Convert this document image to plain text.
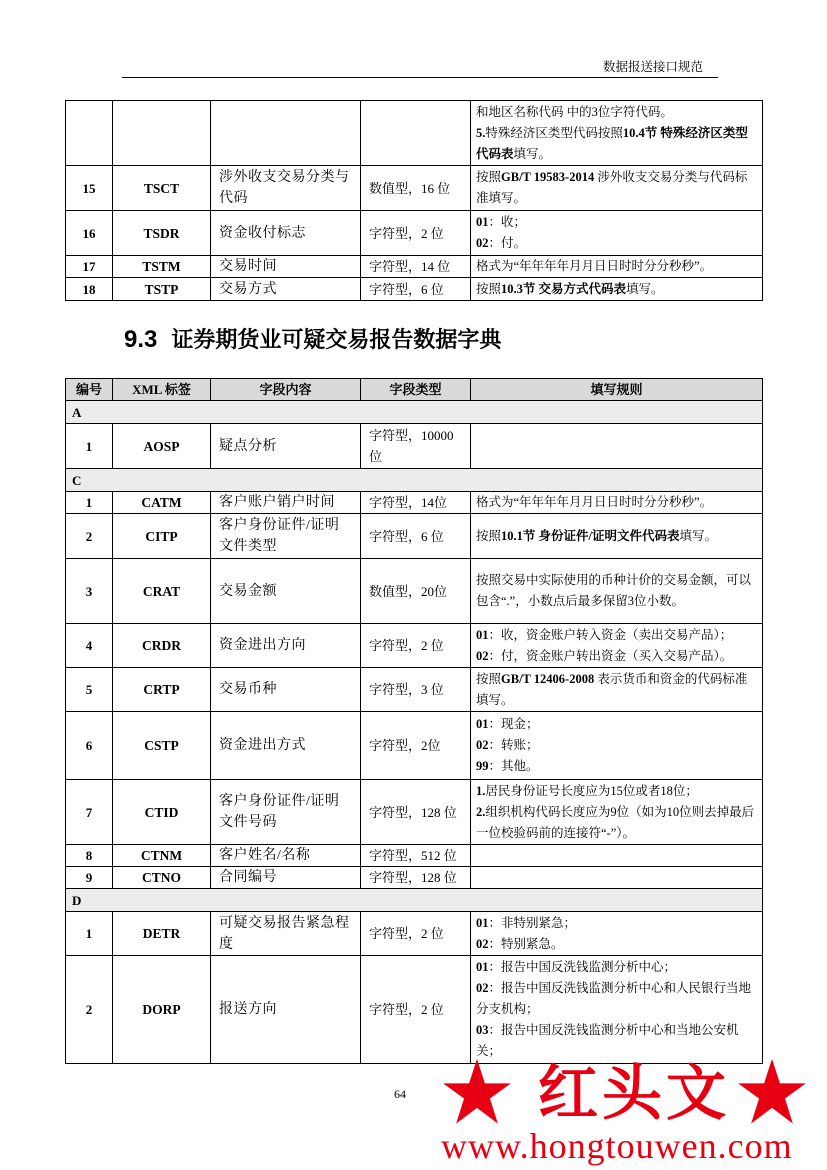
数据报送接口规范

				和地区名称代码 中的3位字符代码。
5.特殊经济区类型代码按照10.4节 特殊经济区类型代码表填写。

15	TSCT	涉外收支交易分类与代码	数值型，16 位	按照GB/T 19583-2014 涉外收支交易分类与代码标准填写。

16	TSDR	资金收付标志	字符型，2 位	01：收；
02：付。

17	TSTM	交易时间	字符型，14 位	格式为“年年年年月月日日时时分分秒秒”。

18	TSTP	交易方式	字符型，6 位	按照10.3节 交易方式代码表填写。
9.3 证券期货业可疑交易报告数据字典
编号	XML 标签	字段内容	字段类型	填写规则
A				
1	AOSP	疑点分析	字符型，10000位	
C				
1	CATM	客户账户销户时间	字符型，14位	格式为“年年年年月月日日时时分分秒秒”。

2	CITP	客户身份证件/证明文件类型	字符型，6 位	按照10.1节 身份证件/证明文件代码表填写。

3	CRAT	交易金额	数值型，20位	按照交易中实际使用的币种计价的交易金额，可以包含“.”，小数点后最多保留3位小数。

4	CRDR	资金进出方向	字符型，2 位	01：收，资金账户转入资金（卖出交易产品）；
02：付，资金账户转出资金（买入交易产品）。

5	CRTP	交易币种	字符型，3 位	按照GB/T 12406-2008 表示货币和资金的代码标准填写。

6	CSTP	资金进出方式	字符型，2位	01：现金；
02：转账；
99：其他。

7	CTID	客户身份证件/证明文件号码	字符型，128 位	1.居民身份证号长度应为15位或者18位；
2.组织机构代码长度应为9位（如为10位则去掉最后一位校验码前的连接符“-”）。

8	CTNM	客户姓名/名称	字符型，512 位	
9	CTNO	合同编号	字符型，128 位	
D				
1	DETR	可疑交易报告紧急程度	字符型，2 位	01：非特别紧急；
02：特别紧急。

2	DORP	报送方向	字符型，2 位	01：报告中国反洗钱监测分析中心；
02：报告中国反洗钱监测分析中心和人民银行当地分支机构；
03：报告中国反洗钱监测分析中心和当地公安机关；
64 红头文
www.hongtouwen.com
